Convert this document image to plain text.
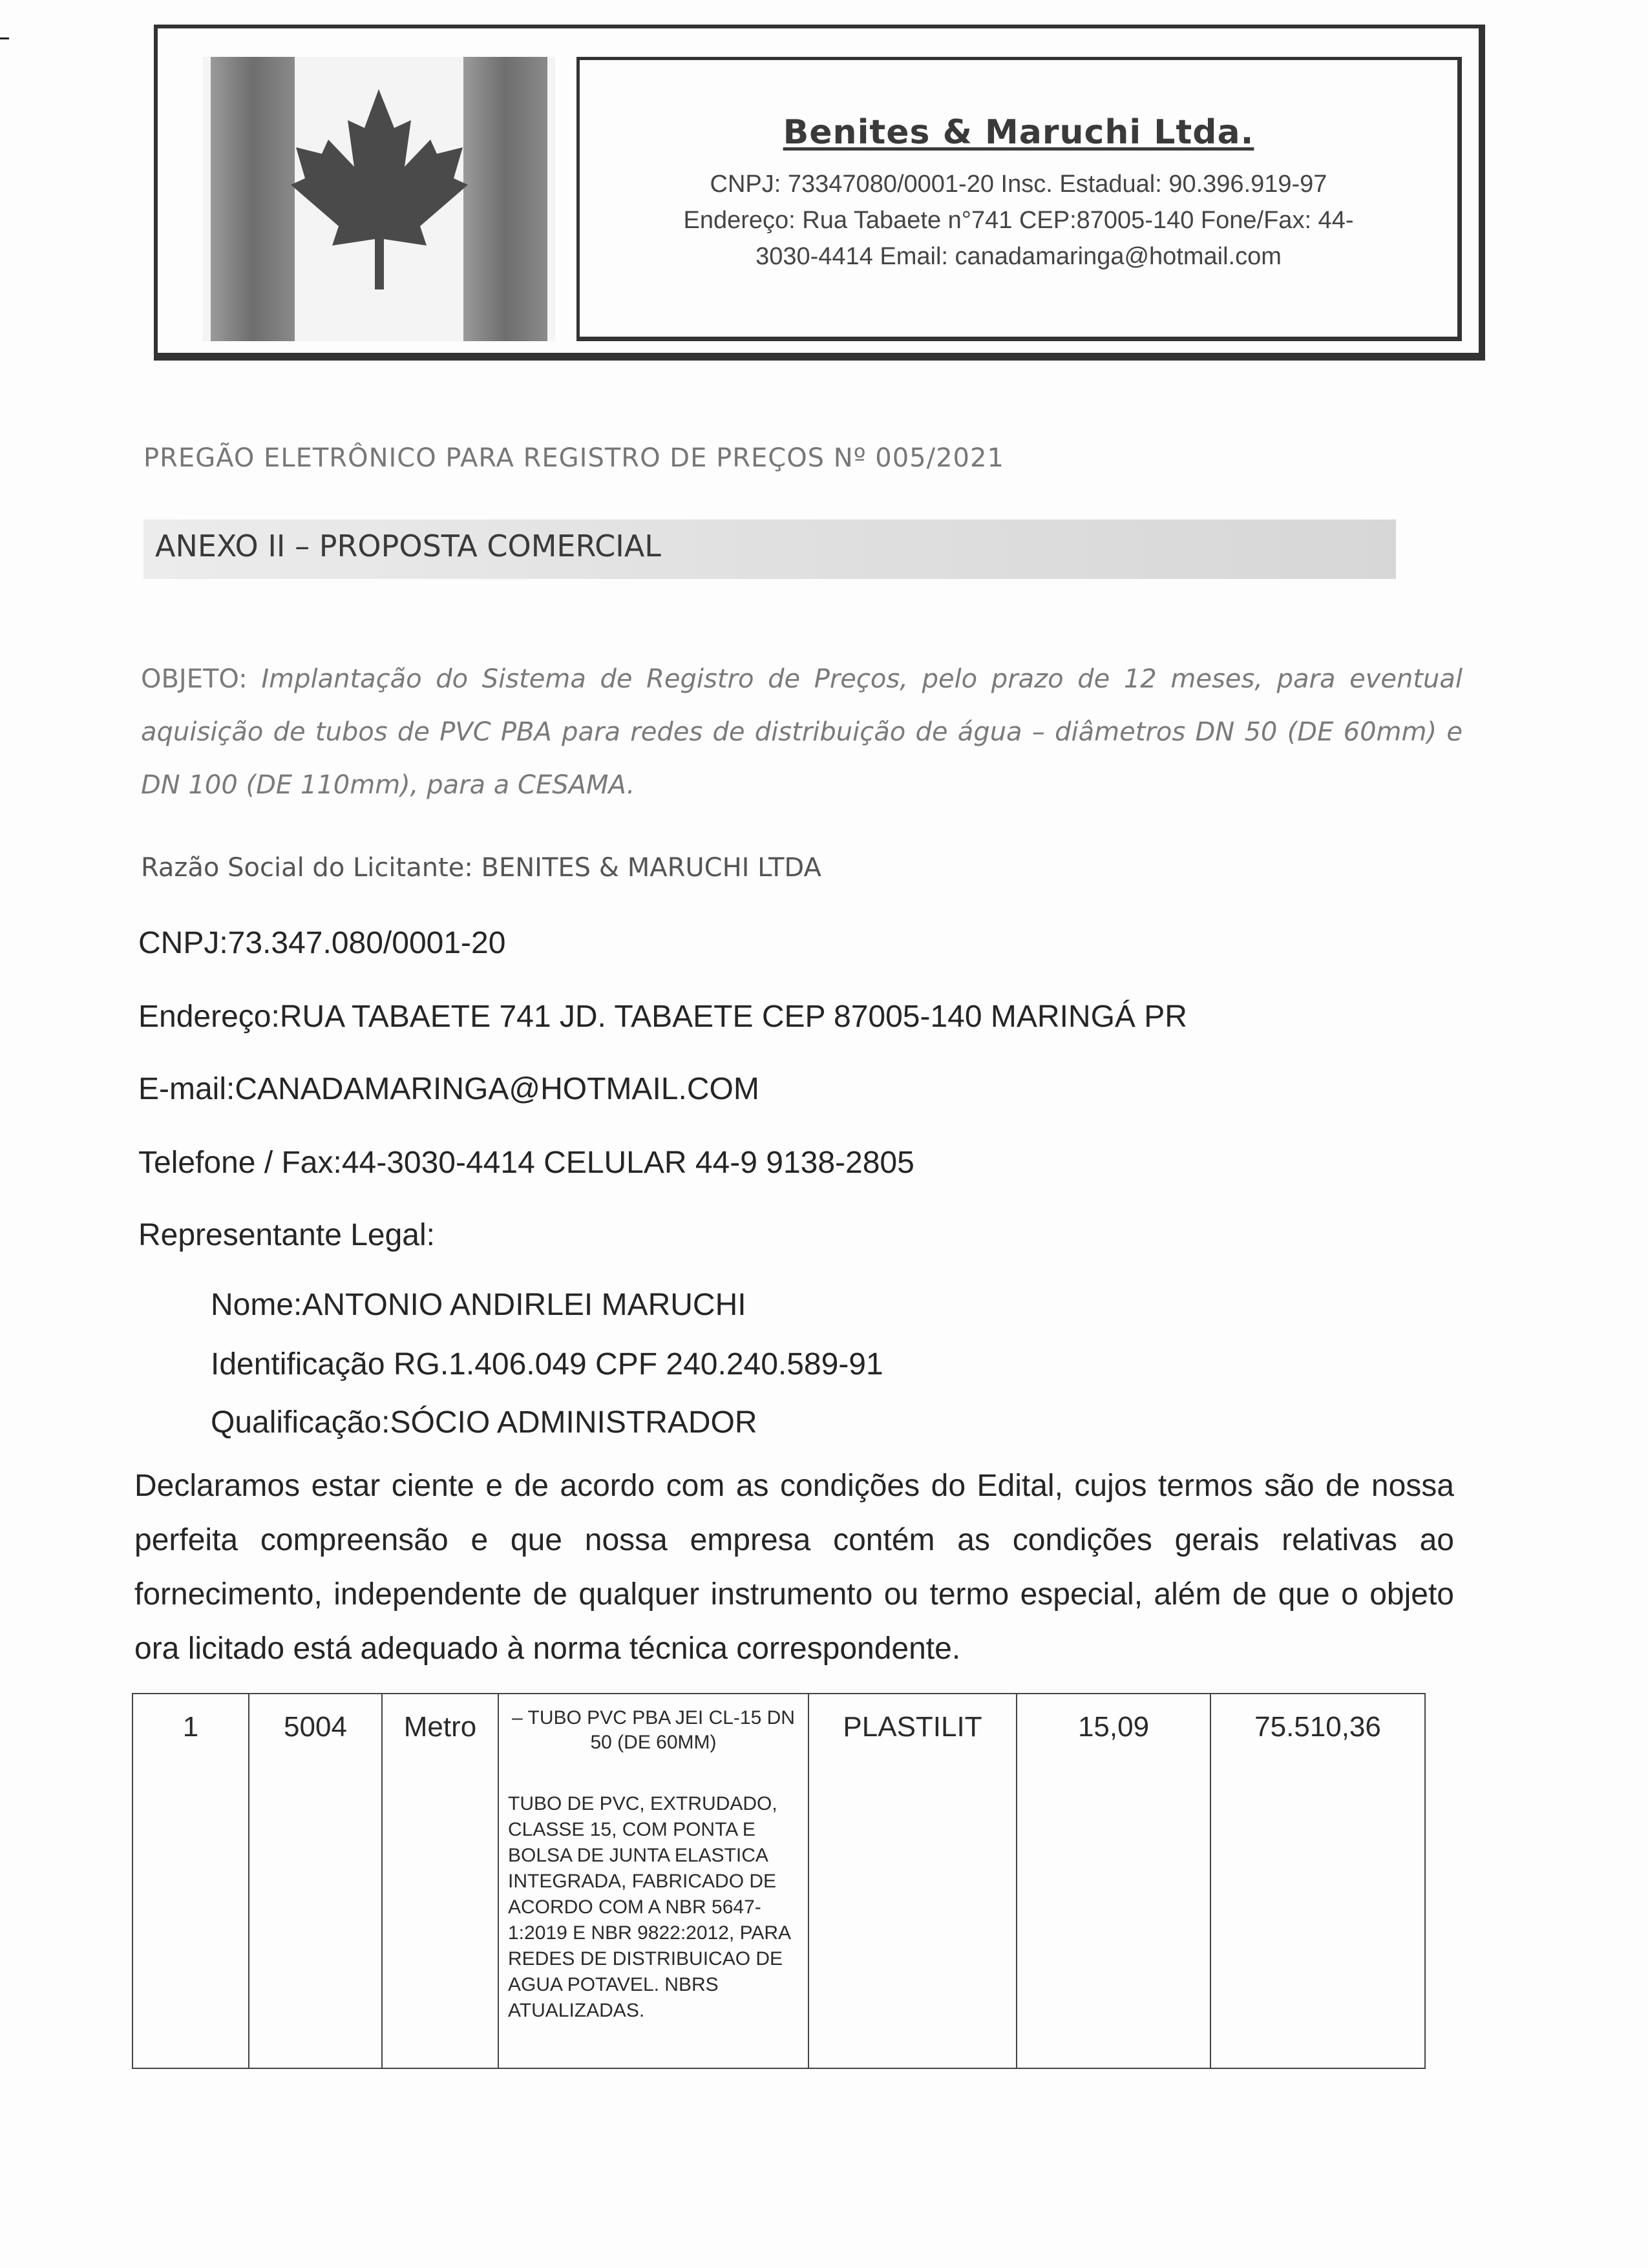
Benites & Maruchi Ltda.
CNPJ: 73347080/0001-20 Insc. Estadual: 90.396.919-97
Endereço: Rua Tabaete n°741 CEP:87005-140 Fone/Fax: 44-
3030-4414 Email: canadamaringa@hotmail.com
PREGÃO ELETRÔNICO PARA REGISTRO DE PREÇOS Nº 005/2021
ANEXO II – PROPOSTA COMERCIAL
OBJETO: Implantação do Sistema de Registro de Preços, pelo prazo de 12 meses, para eventual aquisição de tubos de PVC PBA para redes de distribuição de água – diâmetros DN 50 (DE 60mm) e DN 100 (DE 110mm), para a CESAMA.
Razão Social do Licitante: BENITES & MARUCHI LTDA
CNPJ:73.347.080/0001-20
Endereço:RUA TABAETE 741 JD. TABAETE CEP 87005-140 MARINGÁ PR
E-mail:CANADAMARINGA@HOTMAIL.COM
Telefone / Fax:44-3030-4414 CELULAR 44-9 9138-2805
Representante Legal:
Nome:ANTONIO ANDIRLEI MARUCHI
Identificação RG.1.406.049 CPF 240.240.589-91
Qualificação:SÓCIO ADMINISTRADOR
Declaramos estar ciente e de acordo com as condições do Edital, cujos termos são de nossa perfeita compreensão e que nossa empresa contém as condições gerais relativas ao fornecimento, independente de qualquer instrumento ou termo especial, além de que o objeto ora licitado está adequado à norma técnica correspondente.
1	5004	Metro	– TUBO PVC PBA JEI CL-15 DN 50 (DE 60MM)
TUBO DE PVC, EXTRUDADO, CLASSE 15, COM PONTA E BOLSA DE JUNTA ELASTICA INTEGRADA, FABRICADO DE ACORDO COM A NBR 5647-1:2019 E NBR 9822:2012, PARA REDES DE DISTRIBUICAO DE AGUA POTAVEL. NBRS ATUALIZADAS.
	PLASTILIT	15,09	75.510,36
